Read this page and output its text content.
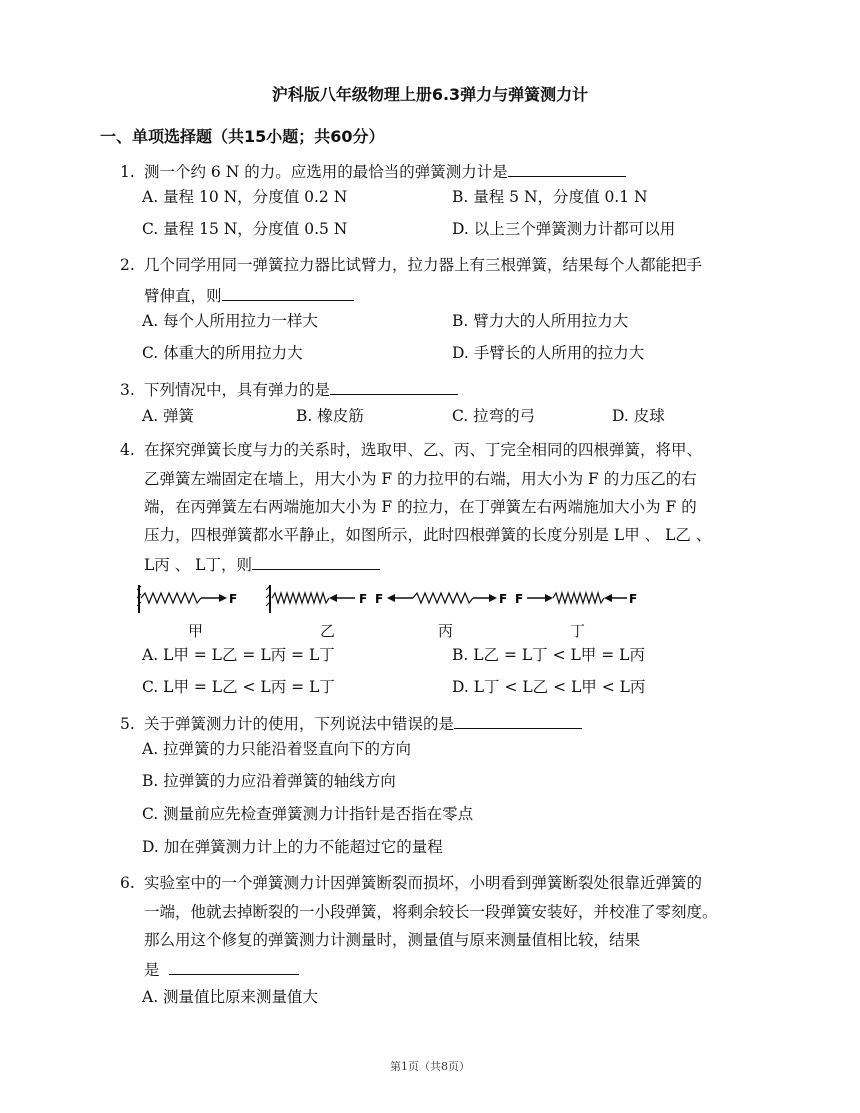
沪科版八年级物理上册6.3弹力与弹簧测力计
一、单项选择题（共15小题；共60分）
1. 测一个约 6 N 的力。应选用的最恰当的弹簧测力计是
A. 量程 10 N，分度值 0.2 N	B. 量程 5 N，分度值 0.1 N
C. 量程 15 N，分度值 0.5 N	D. 以上三个弹簧测力计都可以用
2. 几个同学用同一弹簧拉力器比试臂力，拉力器上有三根弹簧，结果每个人都能把手
臂伸直，则
A. 每个人所用拉力一样大	B. 臂力大的人所用拉力大
C. 体重大的所用拉力大	D. 手臂长的人所用的拉力大
3. 下列情况中，具有弹力的是
A. 弹簧	B. 橡皮筋	C. 拉弯的弓	D. 皮球
4. 在探究弹簧长度与力的关系时，选取甲、乙、丙、丁完全相同的四根弹簧，将甲、
乙弹簧左端固定在墙上，用大小为 F 的力拉甲的右端，用大小为 F 的力压乙的右
端，在丙弹簧左右两端施加大小为 F 的拉力，在丁弹簧左右两端施加大小为 F 的
压力，四根弹簧都水平静止，如图所示，此时四根弹簧的长度分别是 L甲 、 L乙 、
L丙 、 L丁，则
F	F F	F F	F
甲	乙	丙	丁
A. L甲 = L乙 = L丙 = L丁	B. L乙 = L丁 < L甲 = L丙
C. L甲 = L乙 < L丙 = L丁	D. L丁 < L乙 < L甲 < L丙
5. 关于弹簧测力计的使用，下列说法中错误的是
A. 拉弹簧的力只能沿着竖直向下的方向
B. 拉弹簧的力应沿着弹簧的轴线方向
C. 测量前应先检查弹簧测力计指针是否指在零点
D. 加在弹簧测力计上的力不能超过它的量程
6. 实验室中的一个弹簧测力计因弹簧断裂而损坏，小明看到弹簧断裂处很靠近弹簧的
一端，他就去掉断裂的一小段弹簧，将剩余较长一段弹簧安装好，并校准了零刻度。
那么用这个修复的弹簧测力计测量时，测量值与原来测量值相比较，结果
是
A. 测量值比原来测量值大
第1页（共8页）
